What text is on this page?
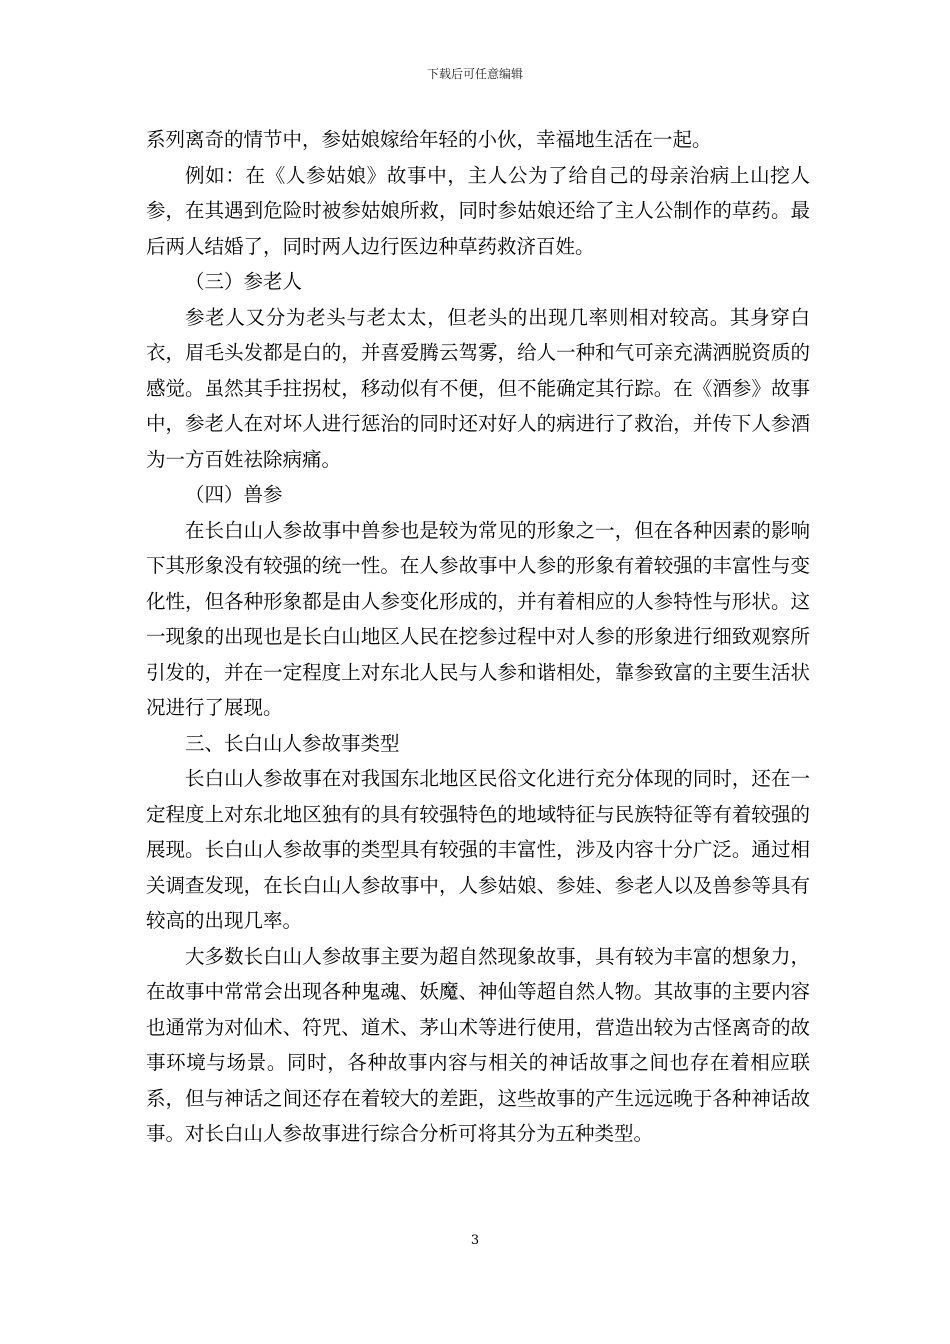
下载后可任意编辑

系列离奇的情节中，参姑娘嫁给年轻的小伙，幸福地生活在一起。

例如：在《人参姑娘》故事中，主人公为了给自己的母亲治病上山挖人参，在其遇到危险时被参姑娘所救，同时参姑娘还给了主人公制作的草药。最后两人结婚了，同时两人边行医边种草药救济百姓。

（三）参老人

参老人又分为老头与老太太，但老头的出现几率则相对较高。其身穿白衣，眉毛头发都是白的，并喜爱腾云驾雾，给人一种和气可亲充满洒脱资质的感觉。虽然其手拄拐杖，移动似有不便，但不能确定其行踪。在《酒参》故事中，参老人在对坏人进行惩治的同时还对好人的病进行了救治，并传下人参酒为一方百姓祛除病痛。

（四）兽参

在长白山人参故事中兽参也是较为常见的形象之一，但在各种因素的影响下其形象没有较强的统一性。在人参故事中人参的形象有着较强的丰富性与变化性，但各种形象都是由人参变化形成的，并有着相应的人参特性与形状。这一现象的出现也是长白山地区人民在挖参过程中对人参的形象进行细致观察所引发的，并在一定程度上对东北人民与人参和谐相处，靠参致富的主要生活状况进行了展现。

三、长白山人参故事类型

长白山人参故事在对我国东北地区民俗文化进行充分体现的同时，还在一定程度上对东北地区独有的具有较强特色的地域特征与民族特征等有着较强的展现。长白山人参故事的类型具有较强的丰富性，涉及内容十分广泛。通过相关调查发现，在长白山人参故事中，人参姑娘、参娃、参老人以及兽参等具有较高的出现几率。

大多数长白山人参故事主要为超自然现象故事，具有较为丰富的想象力，在故事中常常会出现各种鬼魂、妖魔、神仙等超自然人物。其故事的主要内容也通常为对仙术、符咒、道术、茅山术等进行使用，营造出较为古怪离奇的故事环境与场景。同时，各种故事内容与相关的神话故事之间也存在着相应联系，但与神话之间还存在着较大的差距，这些故事的产生远远晚于各种神话故事。对长白山人参故事进行综合分析可将其分为五种类型。

3
